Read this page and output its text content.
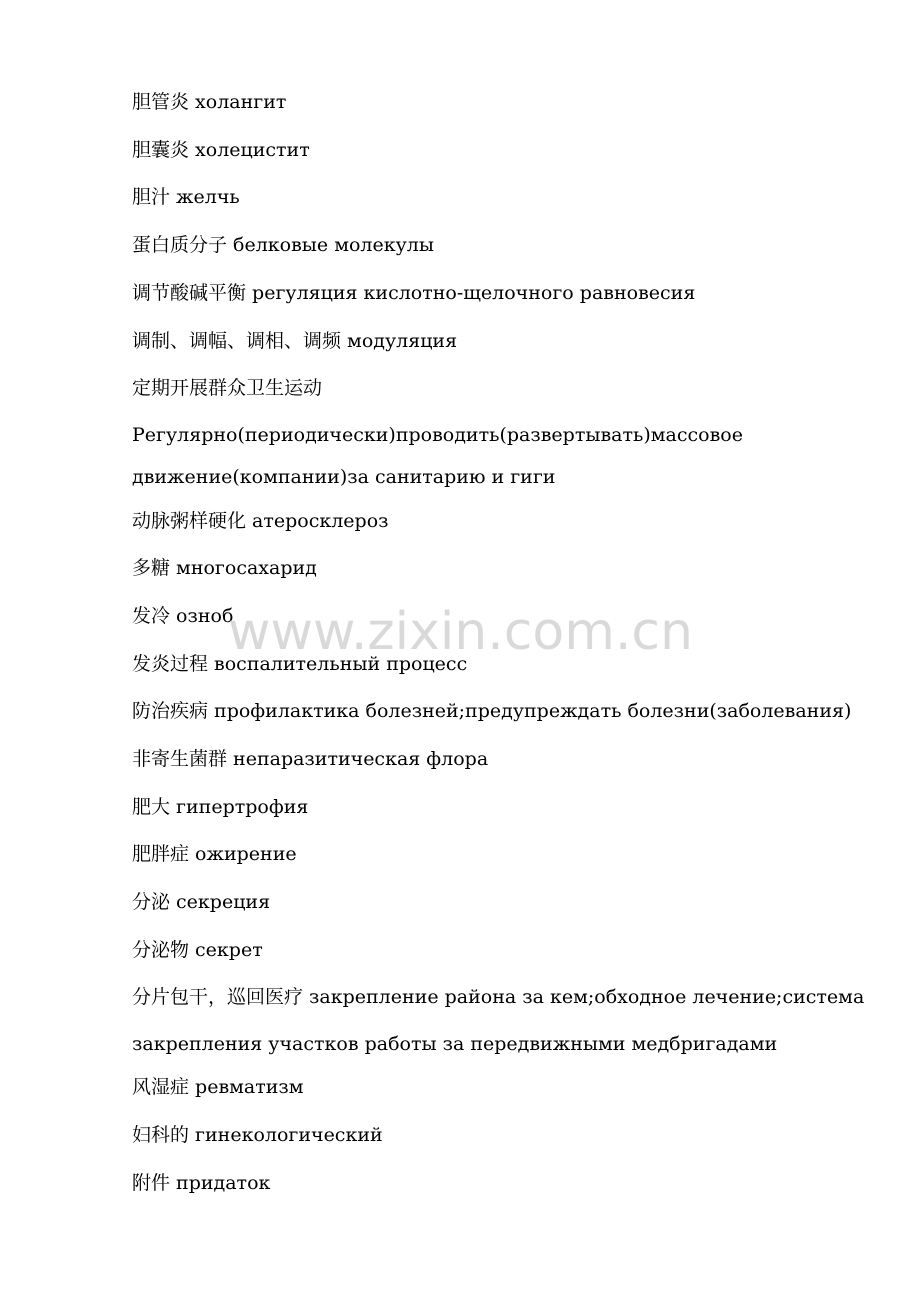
胆管炎 холангит
胆囊炎 холецистит
胆汁 желчь
蛋白质分子 белковые молекулы
调节酸碱平衡 регуляция кислотно-щелочного равновесия
调制、调幅、调相、调频 модуляция
定期开展群众卫生运动
Регулярно(периодически)проводить(развертывать)массовое
движение(компании)за санитарию и гиги
动脉粥样硬化 атеросклероз
多糖 многосахарид
发冷 озноб
发炎过程 воспалительный процесс
防治疾病 профилактика болезней;предупреждать болезни(заболевания)
非寄生菌群 непаразитическая флора
肥大 гипертрофия
肥胖症 ожирение
分泌 секреция
分泌物 секрет
分片包干，巡回医疗 закрепление района за кем;обходное лечение;система
закрепления участков работы за передвижными медбригадами
风湿症 ревматизм
妇科的 гинекологический
附件 придаток
www.zixin.com.cn
